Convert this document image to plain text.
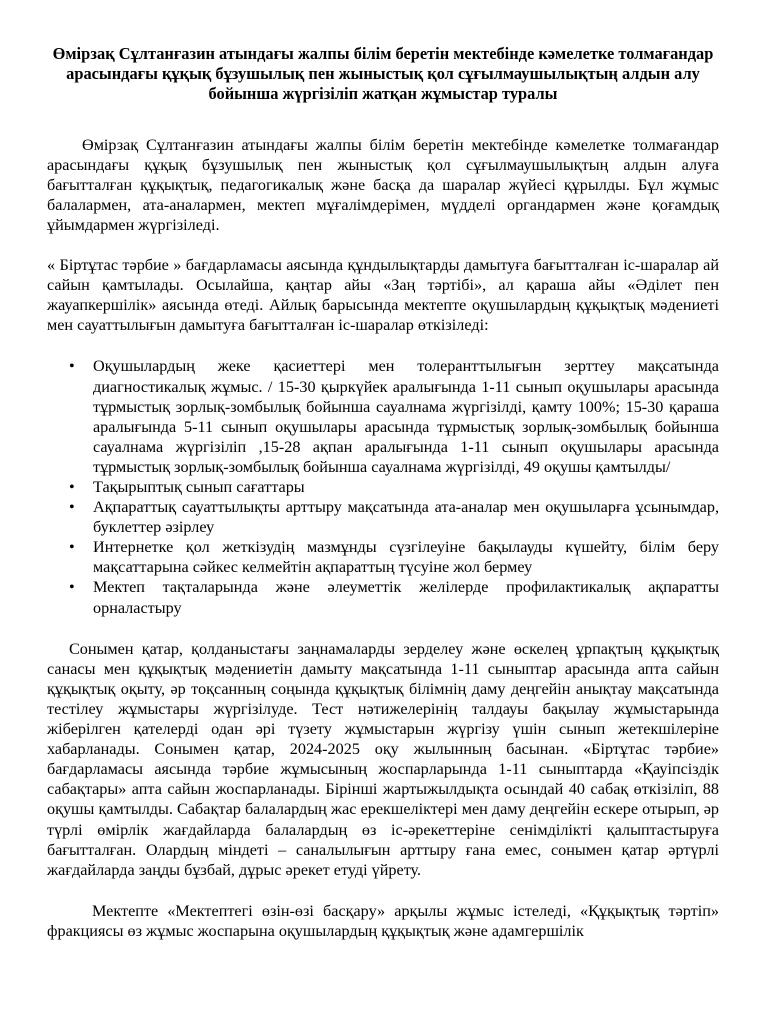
Өмірзақ Сұлтанғазин атындағы жалпы білім беретін мектебінде кәмелетке толмағандар арасындағы құқық бұзушылық пен жыныстық қол сұғылмаушылықтың алдын алу бойынша жүргізіліп жатқан жұмыстар туралы

Өмірзақ Сұлтанғазин атындағы жалпы білім беретін мектебінде кәмелетке толмағандар арасындағы құқық бұзушылық пен жыныстық қол сұғылмаушылықтың алдын алуға бағытталған құқықтық, педагогикалық және басқа да шаралар жүйесі құрылды. Бұл жұмыс балалармен, ата-аналармен, мектеп мұғалімдерімен, мүдделі органдармен және қоғамдық ұйымдармен жүргізіледі.

« Біртұтас тәрбие » бағдарламасы аясында құндылықтарды дамытуға бағытталған іс-шаралар ай сайын қамтылады. Осылайша, қаңтар айы «Заң тәртібі», ал қараша айы «Әділет пен жауапкершілік» аясында өтеді. Айлық барысында мектепте оқушылардың құқықтық мәдениеті мен сауаттылығын дамытуға бағытталған іс-шаралар өткізіледі:

• Оқушылардың жеке қасиеттері мен толеранттылығын зерттеу мақсатында диагностикалық жұмыс. / 15-30 қыркүйек аралығында 1-11 сынып оқушылары арасында тұрмыстық зорлық-зомбылық бойынша сауалнама жүргізілді, қамту 100%; 15-30 қараша аралығында 5-11 сынып оқушылары арасында тұрмыстық зорлық-зомбылық бойынша сауалнама жүргізіліп ,15-28 ақпан аралығында 1-11 сынып оқушылары арасында тұрмыстық зорлық-зомбылық бойынша сауалнама жүргізілді, 49 оқушы қамтылды/
• Тақырыптық сынып сағаттары
• Ақпараттық сауаттылықты арттыру мақсатында ата-аналар мен оқушыларға ұсынымдар, буклеттер әзірлеу
• Интернетке қол жеткізудің мазмұнды сүзгілеуіне бақылауды күшейту, білім беру мақсаттарына сәйкес келмейтін ақпараттың түсуіне жол бермеу
• Мектеп тақталарында және әлеуметтік желілерде профилактикалық ақпаратты орналастыру

Сонымен қатар, қолданыстағы заңнамаларды зерделеу және өскелең ұрпақтың құқықтық санасы мен құқықтық мәдениетін дамыту мақсатында 1-11 сыныптар арасында апта сайын құқықтық оқыту, әр тоқсанның соңында құқықтық білімнің даму деңгейін анықтау мақсатында тестілеу жұмыстары жүргізілуде. Тест нәтижелерінің талдауы бақылау жұмыстарында жіберілген қателерді одан әрі түзету жұмыстарын жүргізу үшін сынып жетекшілеріне хабарланады. Сонымен қатар, 2024-2025 оқу жылынның басынан. «Біртұтас тәрбие» бағдарламасы аясында тәрбие жұмысының жоспарларында 1-11 сыныптарда «Қауіпсіздік сабақтары» апта сайын жоспарланады. Бірінші жартыжылдықта осындай 40 сабақ өткізіліп, 88 оқушы қамтылды. Сабақтар балалардың жас ерекшеліктері мен даму деңгейін ескере отырып, әр түрлі өмірлік жағдайларда балалардың өз іс-әрекеттеріне сенімділікті қалыптастыруға бағытталған. Олардың міндеті – саналылығын арттыру ғана емес, сонымен қатар әртүрлі жағдайларда заңды бұзбай, дұрыс әрекет етуді үйрету.

Мектепте «Мектептегі өзін-өзі басқару» арқылы жұмыс істеледі, «Құқықтық тәртіп» фракциясы өз жұмыс жоспарына оқушылардың құқықтық және адамгершілік
